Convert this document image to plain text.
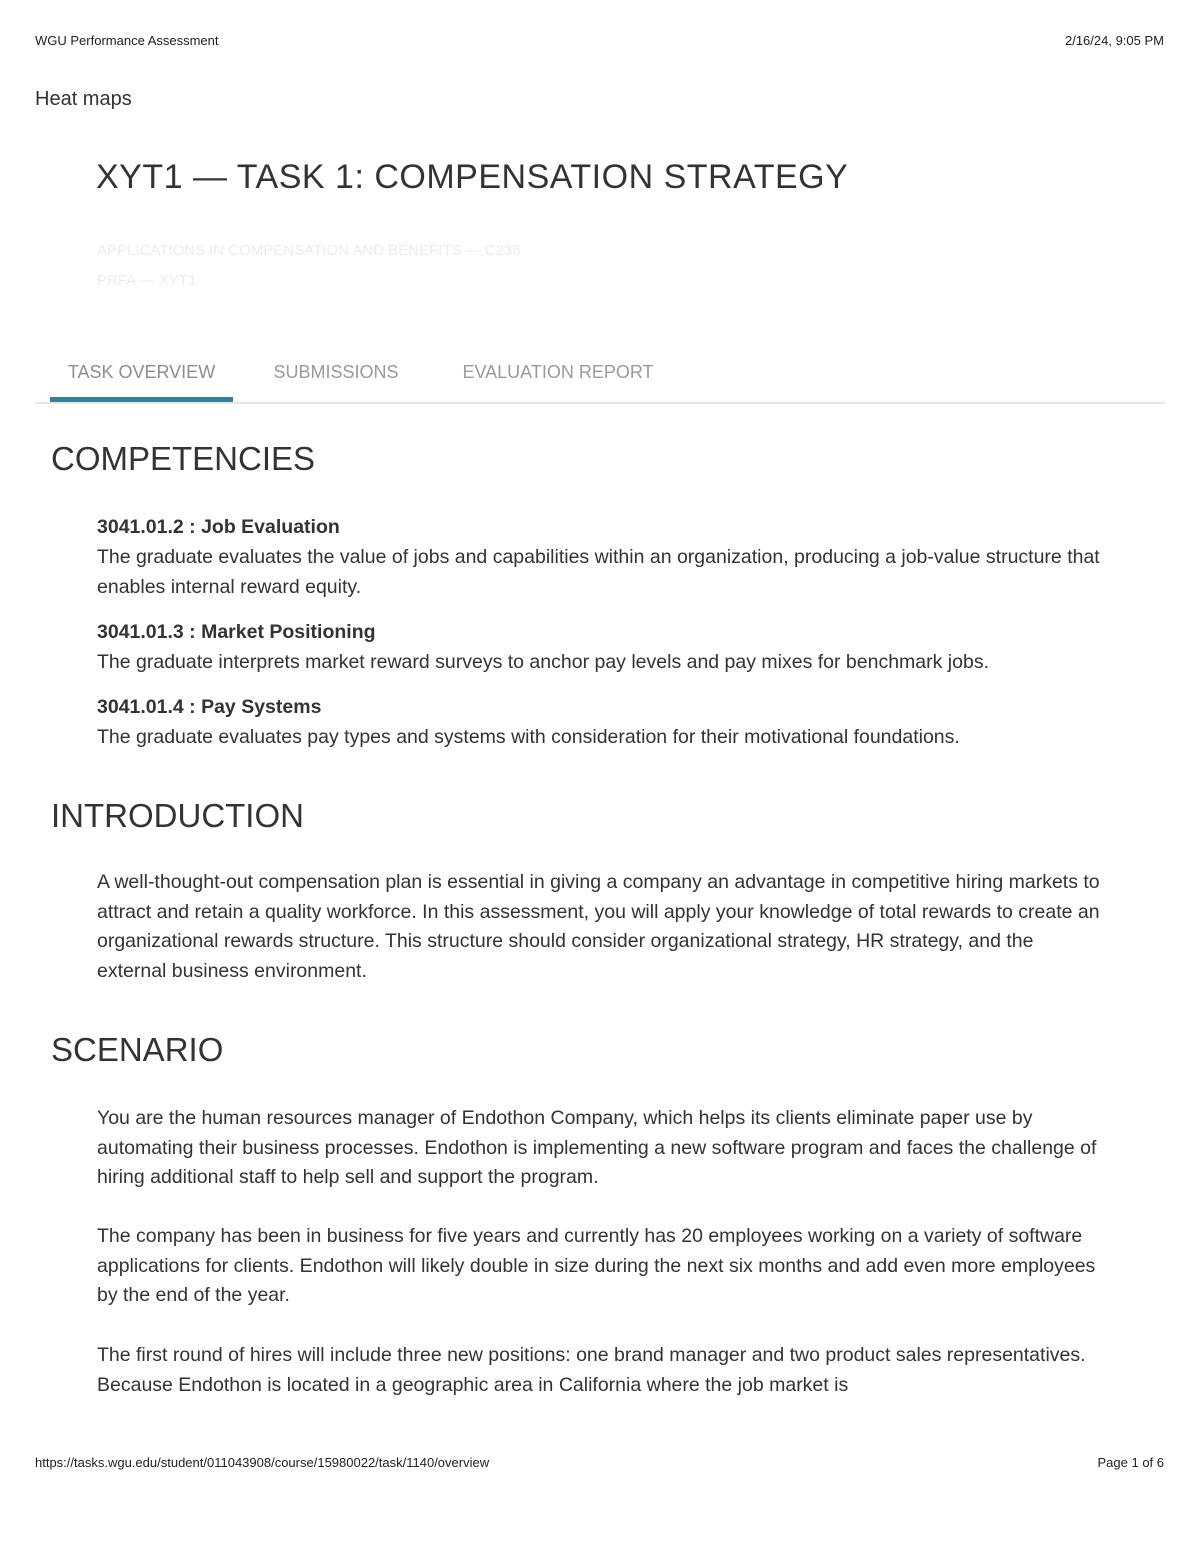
WGU Performance Assessment	2/16/24, 9:05 PM
Heat maps
XYT1 — TASK 1: COMPENSATION STRATEGY
APPLICATIONS IN COMPENSATION AND BENEFITS — C236
PRFA — XYT1
TASK OVERVIEW	SUBMISSIONS	EVALUATION REPORT
COMPETENCIES
3041.01.2 : Job Evaluation
The graduate evaluates the value of jobs and capabilities within an organization, producing a job-value structure that enables internal reward equity.
3041.01.3 : Market Positioning
The graduate interprets market reward surveys to anchor pay levels and pay mixes for benchmark jobs.
3041.01.4 : Pay Systems
The graduate evaluates pay types and systems with consideration for their motivational foundations.
INTRODUCTION

A well-thought-out compensation plan is essential in giving a company an advantage in competitive hiring markets to attract and retain a quality workforce. In this assessment, you will apply your knowledge of total rewards to create an organizational rewards structure. This structure should consider organizational strategy, HR strategy, and the external business environment.

SCENARIO

You are the human resources manager of Endothon Company, which helps its clients eliminate paper use by automating their business processes. Endothon is implementing a new software program and faces the challenge of hiring additional staff to help sell and support the program.

The company has been in business for five years and currently has 20 employees working on a variety of software applications for clients. Endothon will likely double in size during the next six months and add even more employees by the end of the year.

The first round of hires will include three new positions: one brand manager and two product sales representatives. Because Endothon is located in a geographic area in California where the job market is

https://tasks.wgu.edu/student/011043908/course/15980022/task/1140/overview	Page 1 of 6
